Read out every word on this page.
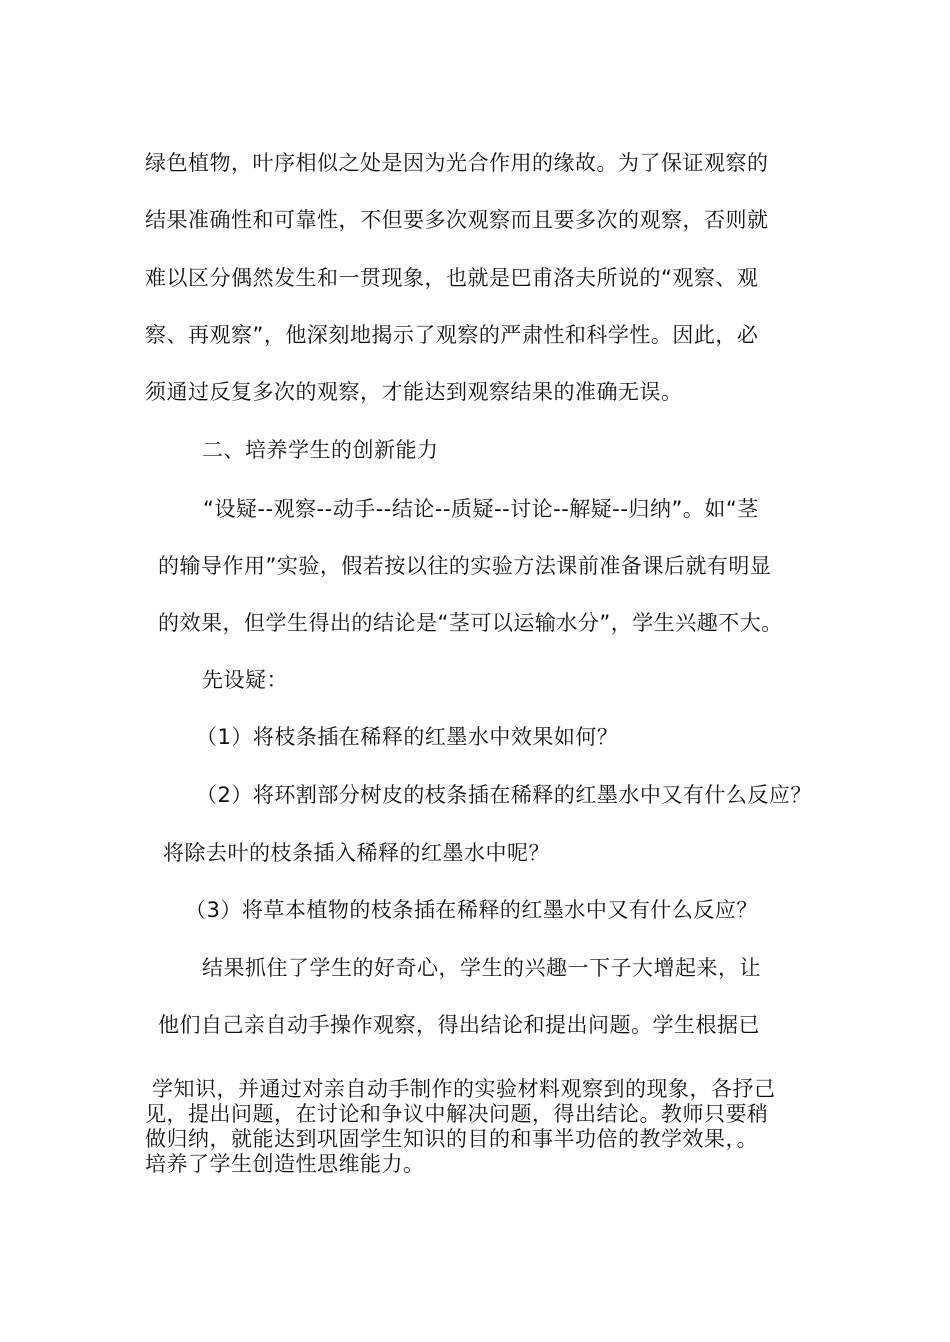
绿色植物，叶序相似之处是因为光合作用的缘故。为了保证观察的
结果准确性和可靠性，不但要多次观察而且要多次的观察，否则就
难以区分偶然发生和一贯现象，也就是巴甫洛夫所说的“观察、观
察、再观察”，他深刻地揭示了观察的严肃性和科学性。因此，必
须通过反复多次的观察，才能达到观察结果的准确无误。
二、培养学生的创新能力
“设疑--观察--动手--结论--质疑--讨论--解疑--归纳”。如“茎
的输导作用”实验，假若按以往的实验方法课前准备课后就有明显
的效果，但学生得出的结论是“茎可以运输水分”，学生兴趣不大。
先设疑：
（1）将枝条插在稀释的红墨水中效果如何？
（2）将环割部分树皮的枝条插在稀释的红墨水中又有什么反应？
将除去叶的枝条插入稀释的红墨水中呢？
（3）将草本植物的枝条插在稀释的红墨水中又有什么反应？
结果抓住了学生的好奇心，学生的兴趣一下子大增起来，让
他们自己亲自动手操作观察，得出结论和提出问题。学生根据已
学知识，并通过对亲自动手制作的实验材料观察到的现象，各抒己
见，提出问题，在讨论和争议中解决问题，得出结论。教师只要稍
做归纳，就能达到巩固学生知识的目的和事半功倍的教学效果，。
培养了学生创造性思维能力。
